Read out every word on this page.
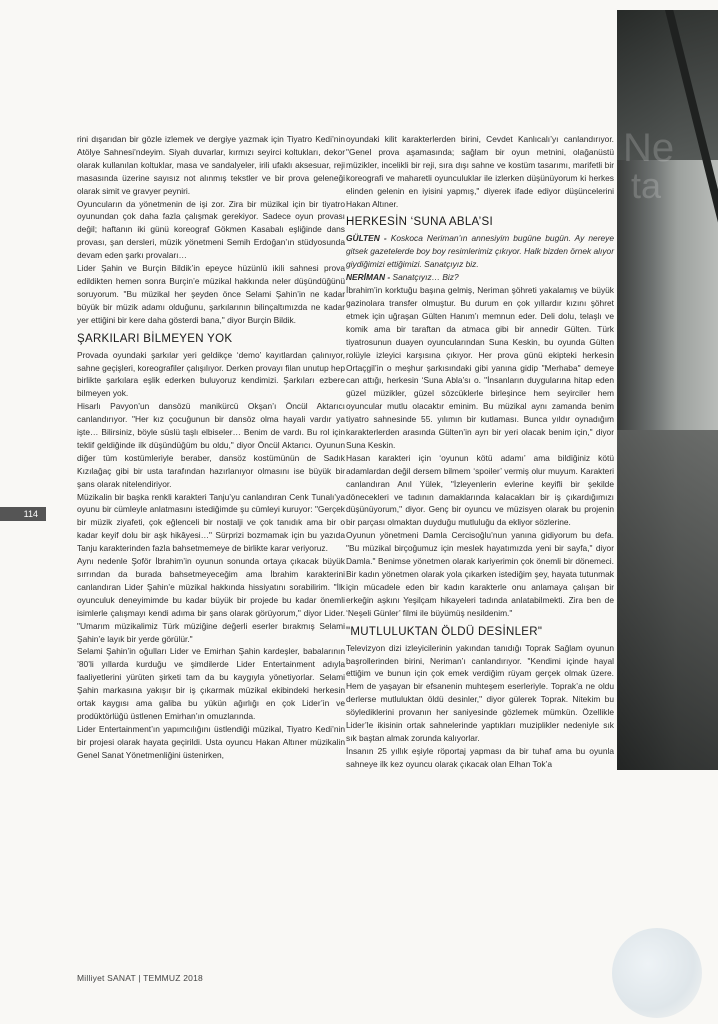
Ne
ta

rini dışarıdan bir gözle izlemek ve dergiye yazmak için Tiyatro Kedi’nin Atölye Sahnesi’ndeyim. Siyah duvarlar, kırmızı seyirci koltukları, dekor olarak kullanılan koltuklar, masa ve sandalyeler, irili ufaklı aksesuar, reji masasında üzerine sayısız not alınmış tekstler ve bir prova geleneği olarak simit ve gravyer peyniri.

Oyuncuların da yönetmenin de işi zor. Zira bir müzikal için bir tiyatro oyunundan çok daha fazla çalışmak gerekiyor. Sadece oyun provası değil; haftanın iki günü koreograf Gökmen Kasabalı eşliğinde dans provası, şan dersleri, müzik yönetmeni Semih Erdoğan’ın stüdyosunda devam eden şarkı provaları…

Lider Şahin ve Burçin Bildik’in epeyce hüzünlü ikili sahnesi prova edildikten hemen sonra Burçin’e müzikal hakkında neler düşündüğünü soruyorum. "Bu müzikal her şeyden önce Selami Şahin’in ne kadar büyük bir müzik adamı olduğunu, şarkılarının bilinçaltımızda ne kadar yer ettiğini bir kere daha gösterdi bana," diyor Burçin Bildik.

ŞARKILARI BİLMEYEN YOK

Provada oyundaki şarkılar yeri geldikçe ‘demo’ kayıtlardan çalınıyor, sahne geçişleri, koreografiler çalışılıyor. Derken provayı filan unutup hep birlikte şarkılara eşlik ederken buluyoruz kendimizi. Şarkıları ezbere bilmeyen yok.

Hisarlı Pavyon’un dansözü manikürcü Okşan’ı Öncül Aktarıcı canlandırıyor. "Her kız çocuğunun bir dansöz olma hayali vardır ya işte… Bilirsiniz, böyle süslü taşlı elbiseler… Benim de vardı. Bu rol için teklif geldiğinde ilk düşündüğüm bu oldu," diyor Öncül Aktarıcı. Oyunun diğer tüm kostümleriyle beraber, dansöz kostümünün de Sadık Kızılağaç gibi bir usta tarafından hazırlanıyor olmasını ise büyük bir şans olarak nitelendiriyor.

Müzikalin bir başka renkli karakteri Tanju’yu canlandıran Cenk Tunalı’ya oyunu bir cümleyle anlatmasını istediğimde şu cümleyi kuruyor: "Gerçek bir müzik ziyafeti, çok eğlenceli bir nostalji ve çok tanıdık ama bir o kadar keyif dolu bir aşk hikâyesi…" Sürprizi bozmamak için bu yazıda Tanju karakterinden fazla bahsetmemeye de birlikte karar veriyoruz.

Aynı nedenle Şoför İbrahim’in oyunun sonunda ortaya çıkacak büyük sırrından da burada bahsetmeyeceğim ama İbrahim karakterini canlandıran Lider Şahin’e müzikal hakkında hissiyatını sorabilirim. "İlk oyunculuk deneyimimde bu kadar büyük bir projede bu kadar önemli isimlerle çalışmayı kendi adıma bir şans olarak görüyorum," diyor Lider. "Umarım müzikalimiz Türk müziğine değerli eserler bırakmış Selami Şahin’e layık bir yerde görülür."

Selami Şahin’in oğulları Lider ve Emirhan Şahin kardeşler, babalarının ’80’li yıllarda kurduğu ve şimdilerde Lider Entertainment adıyla faaliyetlerini yürüten şirketi tam da bu kaygıyla yönetiyorlar. Selami Şahin markasına yakışır bir iş çıkarmak müzikal ekibindeki herkesin ortak kaygısı ama galiba bu yükün ağırlığı en çok Lider’in ve prodüktörlüğü üstlenen Emirhan’ın omuzlarında.

Lider Entertainment’ın yapımcılığını üstlendiği müzikal, Tiyatro Kedi’nin bir projesi olarak hayata geçirildi. Usta oyuncu Hakan Altıner müzikalin Genel Sanat Yönetmenliğini üstenirken,

oyundaki kilit karakterlerden birini, Cevdet Kanlıcalı’yı canlandırıyor. "Genel prova aşamasında; sağlam bir oyun metnini, olağanüstü müzikler, incelikli bir reji, sıra dışı sahne ve kostüm tasarımı, marifetli bir koreografi ve maharetli oyunculuklar ile izlerken düşünüyorum ki herkes elinden gelenin en iyisini yapmış," diyerek ifade ediyor düşüncelerini Hakan Altıner.

HERKESİN ‘SUNA ABLA’SI

GÜLTEN - Koskoca Neriman’ın annesiyim bugüne bugün. Ay nereye gitsek gazetelerde boy boy resimlerimiz çıkıyor. Halk bizden örnek alıyor giydiğimizi ettiğimizi. Sanatçıyız biz.

NERİMAN - Sanatçıyız… Biz?

İbrahim’in korktuğu başına gelmiş, Neriman şöhreti yakalamış ve büyük gazinolara transfer olmuştur. Bu durum en çok yıllardır kızını şöhret etmek için uğraşan Gülten Hanım’ı memnun eder. Deli dolu, telaşlı ve komik ama bir taraftan da atmaca gibi bir annedir Gülten. Türk tiyatrosunun duayen oyuncularından Suna Keskin, bu oyunda Gülten rolüyle izleyici karşısına çıkıyor. Her prova günü ekipteki herkesin Ortaçgil’in o meşhur şarkısındaki gibi yanına gidip "Merhaba" demeye can attığı, herkesin ‘Suna Abla’sı o. "İnsanların duygularına hitap eden güzel müzikler, güzel sözcüklerle birleşince hem seyirciler hem oyuncular mutlu olacaktır eminim. Bu müzikal aynı zamanda benim tiyatro sahnesinde 55. yılımın bir kutlaması. Bunca yıldır oynadığım karakterlerden arasında Gülten’in ayrı bir yeri olacak benim için," diyor Suna Keskin.

Hasan karakteri için ‘oyunun kötü adamı’ ama bildiğiniz kötü adamlardan değil dersem bilmem ‘spoiler’ vermiş olur muyum. Karakteri canlandıran Anıl Yülek, "İzleyenlerin evlerine keyifli bir şekilde dönecekleri ve tadının damaklarında kalacakları bir iş çıkardığımızı düşünüyorum," diyor. Genç bir oyuncu ve müzisyen olarak bu projenin bir parçası olmaktan duyduğu mutluluğu da ekliyor sözlerine.

Oyunun yönetmeni Damla Cercisoğlu’nun yanına gidiyorum bu defa. "Bu müzikal birçoğumuz için meslek hayatımızda yeni bir sayfa," diyor Damla." Benimse yönetmen olarak kariyerimin çok önemli bir dönemeci. Bir kadın yönetmen olarak yola çıkarken istediğim şey, hayata tutunmak için mücadele eden bir kadın karakterle onu anlamaya çalışan bir erkeğin aşkını Yeşilçam hikayeleri tadında anlatabilmekti. Zira ben de ‘Neşeli Günler’ filmi ile büyümüş nesildenim."

"MUTLULUKTAN ÖLDÜ DESİNLER"

Televizyon dizi izleyicilerinin yakından tanıdığı Toprak Sağlam oyunun başrollerinden birini, Neriman’ı canlandırıyor. "Kendimi içinde hayal ettiğim ve bunun için çok emek verdiğim rüyam gerçek olmak üzere. Hem de yaşayan bir efsanenin muhteşem eserleriyle. Toprak’a ne oldu derlerse mutluluktan öldü desinler," diyor gülerek Toprak. Nitekim bu söylediklerini provanın her saniyesinde gözlemek mümkün. Özellikle Lider’le ikisinin ortak sahnelerinde yaptıkları muziplikler nedeniyle sık sık baştan almak zorunda kalıyorlar.

İnsanın 25 yıllık eşiyle röportaj yapması da bir tuhaf ama bu oyunla sahneye ilk kez oyuncu olarak çıkacak olan Elhan Tok’a

114
Milliyet SANAT | TEMMUZ 2018
